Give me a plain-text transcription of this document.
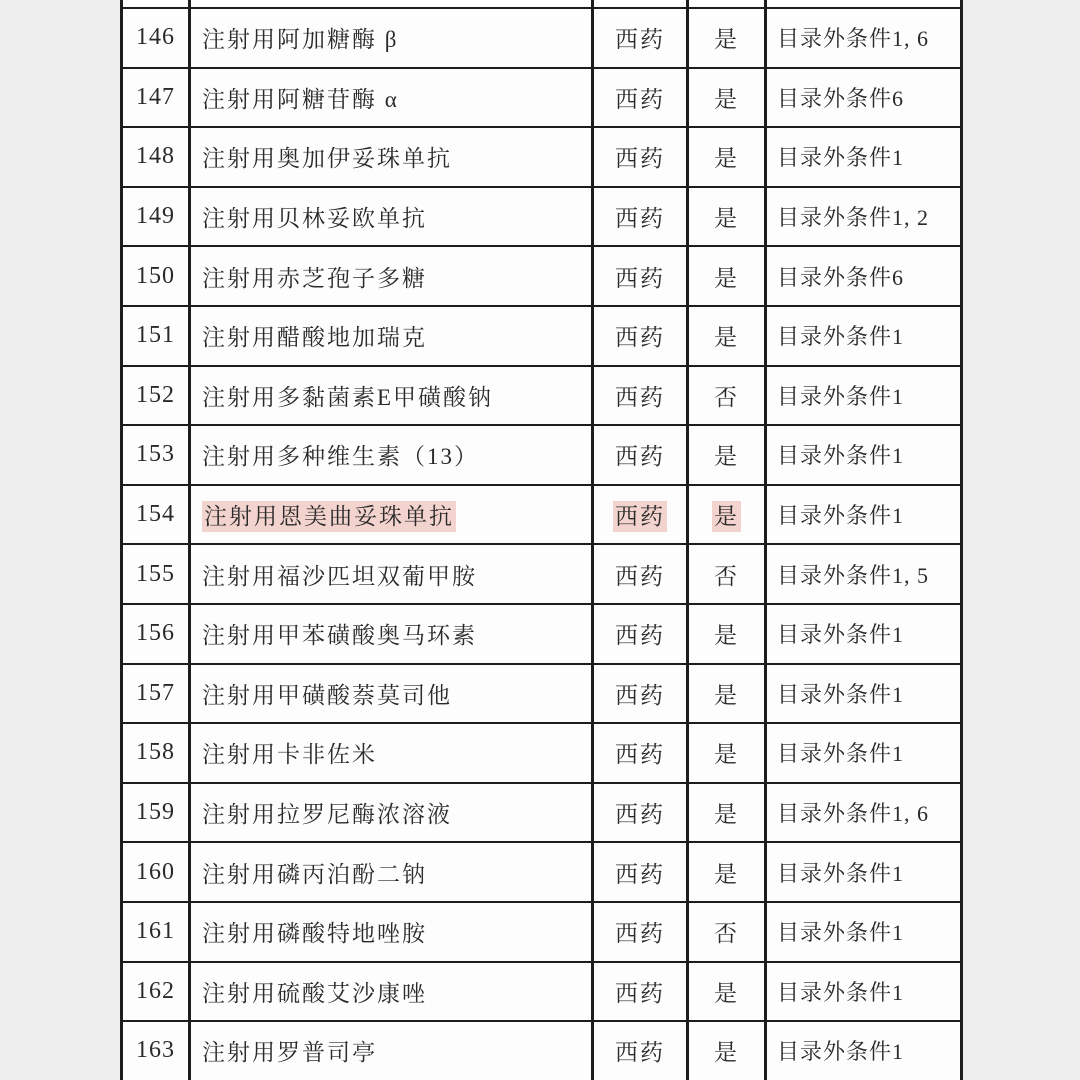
146	注射用阿加糖酶 β	西药	是	目录外条件1, 6
147	注射用阿糖苷酶 α	西药	是	目录外条件6
148	注射用奥加伊妥珠单抗	西药	是	目录外条件1
149	注射用贝林妥欧单抗	西药	是	目录外条件1, 2
150	注射用赤芝孢子多糖	西药	是	目录外条件6
151	注射用醋酸地加瑞克	西药	是	目录外条件1
152	注射用多黏菌素E甲磺酸钠	西药	否	目录外条件1
153	注射用多种维生素（13）	西药	是	目录外条件1
154	注射用恩美曲妥珠单抗	西药	是	目录外条件1
155	注射用福沙匹坦双葡甲胺	西药	否	目录外条件1, 5
156	注射用甲苯磺酸奥马环素	西药	是	目录外条件1
157	注射用甲磺酸萘莫司他	西药	是	目录外条件1
158	注射用卡非佐米	西药	是	目录外条件1
159	注射用拉罗尼酶浓溶液	西药	是	目录外条件1, 6
160	注射用磷丙泊酚二钠	西药	是	目录外条件1
161	注射用磷酸特地唑胺	西药	否	目录外条件1
162	注射用硫酸艾沙康唑	西药	是	目录外条件1
163	注射用罗普司亭	西药	是	目录外条件1
